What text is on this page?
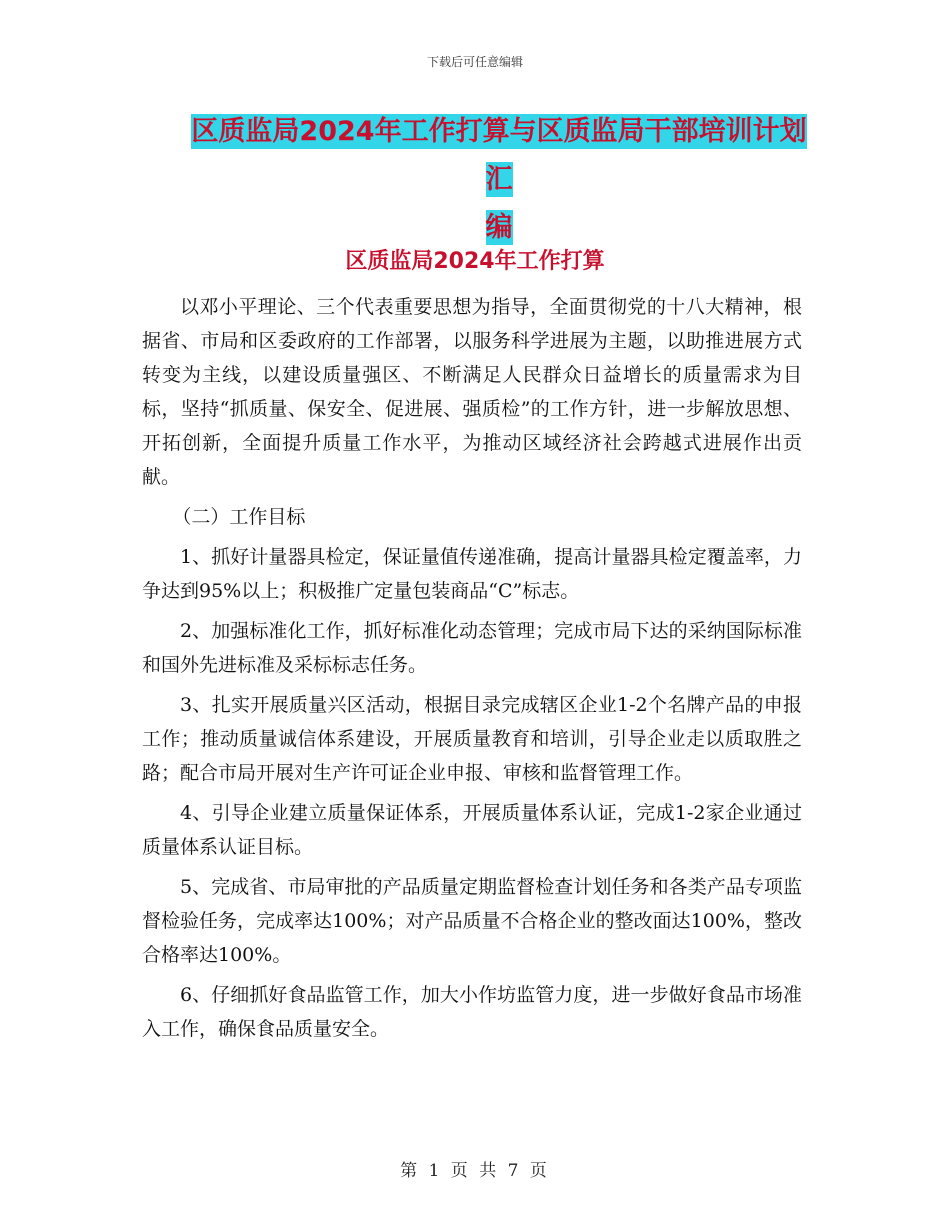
下载后可任意编辑
区质监局2024年工作打算与区质监局干部培训计划汇
编
区质监局2024年工作打算

以邓小平理论、三个代表重要思想为指导，全面贯彻党的十八大精神，根据省、市局和区委政府的工作部署，以服务科学进展为主题，以助推进展方式转变为主线，以建设质量强区、不断满足人民群众日益增长的质量需求为目标，坚持“抓质量、保安全、促进展、强质检”的工作方针，进一步解放思想、开拓创新，全面提升质量工作水平，为推动区域经济社会跨越式进展作出贡献。

（二）工作目标

1、抓好计量器具检定，保证量值传递准确，提高计量器具检定覆盖率，力争达到95%以上；积极推广定量包装商品“C”标志。

2、加强标准化工作，抓好标准化动态管理；完成市局下达的采纳国际标准和国外先进标准及采标标志任务。

3、扎实开展质量兴区活动，根据目录完成辖区企业1-2个名牌产品的申报工作；推动质量诚信体系建设，开展质量教育和培训，引导企业走以质取胜之路；配合市局开展对生产许可证企业申报、审核和监督管理工作。

4、引导企业建立质量保证体系，开展质量体系认证，完成1-2家企业通过质量体系认证目标。

5、完成省、市局审批的产品质量定期监督检查计划任务和各类产品专项监督检验任务，完成率达100%；对产品质量不合格企业的整改面达100%，整改合格率达100%。

6、仔细抓好食品监管工作，加大小作坊监管力度，进一步做好食品市场准入工作，确保食品质量安全。

第 1 页 共 7 页
